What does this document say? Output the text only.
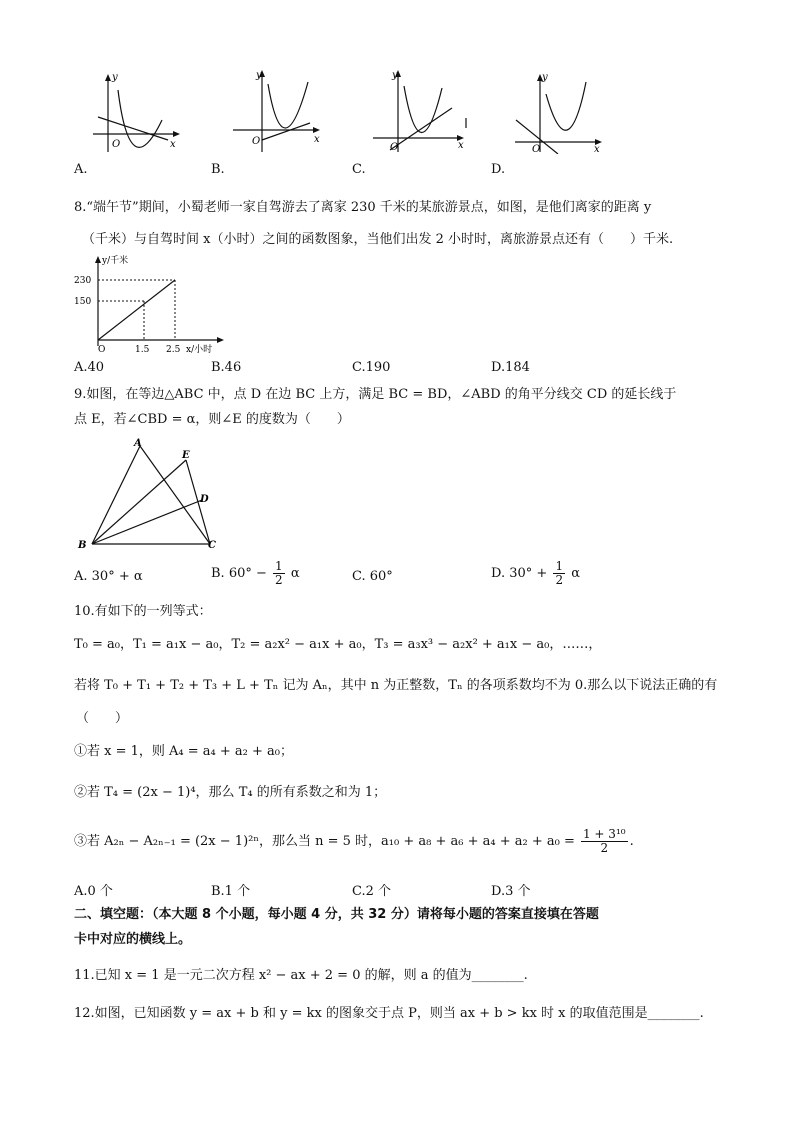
y
x
O
y
x
O
y
x
O
y
x
O
A.	B.	C.	D.
8.“端午节”期间，小蜀老师一家自驾游去了离家 230 千米的某旅游景点，如图，是他们离家的距离 y
（千米）与自驾时间 x（小时）之间的函数图象，当他们出发 2 小时时，离旅游景点还有（　　）千米.
y/千米
230
150
O	1.5 2.5 x/小时
A.40	B.46	C.190	D.184
9.如图，在等边△ABC 中，点 D 在边 BC 上方，满足 BC = BD，∠ABD 的角平分线交 CD 的延长线于
点 E，若∠CBD = α，则∠E 的度数为（　　）
A
E
D
B	C
A. 30° + α	B. $60^\circ - \frac{1}{2}$ α	C. 60°	D. $30^\circ + \frac{1}{2}$ α
10.有如下的一列等式：
T₀ = a₀，T₁ = a₁x − a₀，T₂ = a₂x² − a₁x + a₀，T₃ = a₃x³ − a₂x² + a₁x − a₀，……，
若将 T₀ + T₁ + T₂ + T₃ + L + Tₙ 记为 Aₙ，其中 n 为正整数，Tₙ 的各项系数均不为 0.那么以下说法正确的有
（　　）
①若 x = 1，则 A₄ = a₄ + a₂ + a₀；
②若 T₄ = (2x − 1)⁴，那么 T₄ 的所有系数之和为 1；
③若 A₂ₙ − A₂ₙ₋₁ = (2x − 1)²ⁿ，那么当 n = 5 时，$a_{10} + a_8 + a_6 + a_4 + a_2 + a_0 = \frac{\text{1 + 3¹⁰}}{2}$ .
A.0 个	B.1 个	C.2 个	D.3 个
二、填空题：（本大题 8 个小题，每小题 4 分，共 32 分）请将每小题的答案直接填在答题
卡中对应的横线上。
11.已知 x = 1 是一元二次方程 x² − ax + 2 = 0 的解，则 a 的值为________.
12.如图，已知函数 y = ax + b 和 y = kx 的图象交于点 P，则当 ax + b > kx 时 x 的取值范围是________.
